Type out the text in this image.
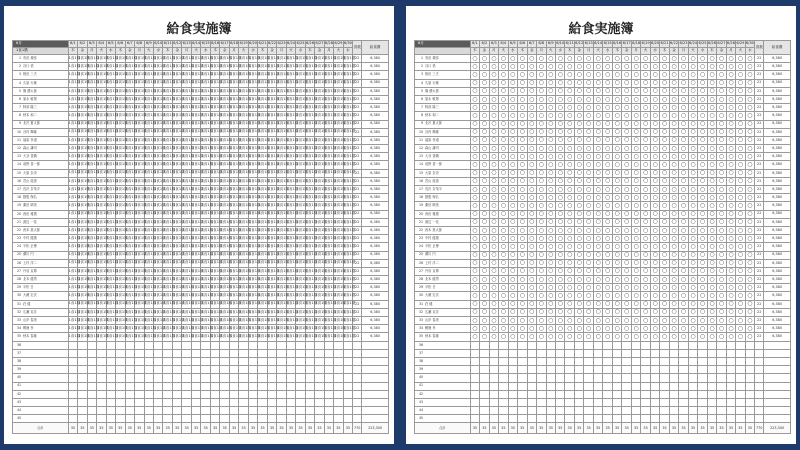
給食実施簿
6月	6/1	6/2	6/3	6/4	6/5	6/6	6/7	6/8	6/9	6/10	6/11	6/12	6/13	6/14	6/15	6/16	6/17	6/18	6/19	6/20	6/21	6/22	6/23	6/24	6/25	6/26	6/27	6/28	6/29	6/30	食数	給食費
1食1膳	木	金	月	火	水	木	金	月	火	水	木	金	月	火	水	木	金	月	火	水	木	金	月	火	水	木	金	月	火	水		
1 有田 義弥	1食1膳	1食1膳	1食1膳	1食1膳	1食1膳	1食1膳	1食1膳	1食1膳	1食1膳	1食1膳	1食1膳	1食1膳	1食1膳	1食1膳	1食1膳	1食1膳	1食1膳	1食1膳	1食1膳	1食1膳	1食1膳	1食1膳	1食1膳	1食1膳	1食1膳	1食1膳	1食1膳	1食1膳	1食1膳	1食1膳	22	6,380
2 谷口 悟	1食1膳	1食1膳	1食1膳	1食1膳	1食1膳	1食1膳	1食1膳	1食1膳	1食1膳	1食1膳	1食1膳	1食1膳	1食1膳	1食1膳	1食1膳	1食1膳	1食1膳	1食1膳	1食1膳	1食1膳	1食1膳	1食1膳	1食1膳	1食1膳	1食1膳	1食1膳	1食1膳	1食1膳	1食1膳	1食1膳	22	6,380
3 相田 三夫	1食1膳	1食1膳	1食1膳	1食1膳	1食1膳	1食1膳	1食1膳	1食1膳	1食1膳	1食1膳	1食1膳	1食1膳	1食1膳	1食1膳	1食1膳	1食1膳	1食1膳	1食1膳	1食1膳	1食1膳	1食1膳	1食1膳	1食1膳	1食1膳	1食1膳	1食1膳	1食1膳	1食1膳	1食1膳	1食1膳	22	6,380
4 久原 行雄	1食1膳	1食1膳	1食1膳	1食1膳	1食1膳	1食1膳	1食1膳	1食1膳	1食1膳	1食1膳	1食1膳	1食1膳	1食1膳	1食1膳	1食1膳	1食1膳	1食1膳	1食1膳	1食1膳	1食1膳	1食1膳	1食1膳	1食1膳	1食1膳	1食1膳	1食1膳	1食1膳	1食1膳	1食1膳	1食1膳	22	6,380
5 篠 優太郎	1食1膳	1食1膳	1食1膳	1食1膳	1食1膳	1食1膳	1食1膳	1食1膳	1食1膳	1食1膳	1食1膳	1食1膳	1食1膳	1食1膳	1食1膳	1食1膳	1食1膳	1食1膳	1食1膳	1食1膳	1食1膳	1食1膳	1食1膳	1食1膳	1食1膳	1食1膳	1食1膳	1食1膳	1食1膳	1食1膳	22	6,380
6 原永 敏則	1食1膳	1食1膳	1食1膳	1食1膳	1食1膳	1食1膳	1食1膳	1食1膳	1食1膳	1食1膳	1食1膳	1食1膳	1食1膳	1食1膳	1食1膳	1食1膳	1食1膳	1食1膳	1食1膳	1食1膳	1食1膳	1食1膳	1食1膳	1食1膳	1食1膳	1食1膳	1食1膳	1食1膳	1食1膳	1食1膳	22	6,380
7 阿部 隆三	1食1膳	1食1膳	1食1膳	1食1膳	1食1膳	1食1膳	1食1膳	1食1膳	1食1膳	1食1膳	1食1膳	1食1膳	1食1膳	1食1膳	1食1膳	1食1膳	1食1膳	1食1膳	1食1膳	1食1膳	1食1膳	1食1膳	1食1膳	1食1膳	1食1膳	1食1膳	1食1膳	1食1膳	1食1膳	1食1膳	22	6,380
8 秋本 和二	1食1膳	1食1膳	1食1膳	1食1膳	1食1膳	1食1膳	1食1膳	1食1膳	1食1膳	1食1膳	1食1膳	1食1膳	1食1膳	1食1膳	1食1膳	1食1膳	1食1膳	1食1膳	1食1膳	1食1膳	1食1膳	1食1膳	1食1膳	1食1膳	1食1膳	1食1膳	1食1膳	1食1膳	1食1膳	1食1膳	22	6,380
9 北沢 夏太郎	1食1膳	1食1膳	1食1膳	1食1膳	1食1膳	1食1膳	1食1膳	1食1膳	1食1膳	1食1膳	1食1膳	1食1膳	1食1膳	1食1膳	1食1膳	1食1膳	1食1膳	1食1膳	1食1膳	1食1膳	1食1膳	1食1膳	1食1膳	1食1膳	1食1膳	1食1膳	1食1膳	1食1膳	1食1膳	1食1膳	22	6,380
10 谷内 輝雄	1食1膳	1食1膳	1食1膳	1食1膳	1食1膳	1食1膳	1食1膳	1食1膳	1食1膳	1食1膳	1食1膳	1食1膳	1食1膳	1食1膳	1食1膳	1食1膳	1食1膳	1食1膳	1食1膳	1食1膳	1食1膳	1食1膳	1食1膳	1食1膳	1食1膳	1食1膳	1食1膳	1食1膳	1食1膳	1食1膳	22	6,380
11 福原 孝道	1食1膳	1食1膳	1食1膳	1食1膳	1食1膳	1食1膳	1食1膳	1食1膳	1食1膳	1食1膳	1食1膳	1食1膳	1食1膳	1食1膳	1食1膳	1食1膳	1食1膳	1食1膳	1食1膳	1食1膳	1食1膳	1食1膳	1食1膳	1食1膳	1食1膳	1食1膳	1食1膳	1食1膳	1食1膳	1食1膳	22	6,380
12 森山 謙司	1食1膳	1食1膳	1食1膳	1食1膳	1食1膳	1食1膳	1食1膳	1食1膳	1食1膳	1食1膳	1食1膳	1食1膳	1食1膳	1食1膳	1食1膳	1食1膳	1食1膳	1食1膳	1食1膳	1食1膳	1食1膳	1食1膳	1食1膳	1食1膳	1食1膳	1食1膳	1食1膳	1食1膳	1食1膳	1食1膳	22	6,380
13 大谷 香織	1食1膳	1食1膳	1食1膳	1食1膳	1食1膳	1食1膳	1食1膳	1食1膳	1食1膳	1食1膳	1食1膳	1食1膳	1食1膳	1食1膳	1食1膳	1食1膳	1食1膳	1食1膳	1食1膳	1食1膳	1食1膳	1食1膳	1食1膳	1食1膳	1食1膳	1食1膳	1食1膳	1食1膳	1食1膳	1食1膳	22	6,380
14 前野 喜一郎	1食1膳	1食1膳	1食1膳	1食1膳	1食1膳	1食1膳	1食1膳	1食1膳	1食1膳	1食1膳	1食1膳	1食1膳	1食1膳	1食1膳	1食1膳	1食1膳	1食1膳	1食1膳	1食1膳	1食1膳	1食1膳	1食1膳	1食1膳	1食1膳	1食1膳	1食1膳	1食1膳	1食1膳	1食1膳	1食1膳	22	6,380
15 大原 奈央	1食1膳	1食1膳	1食1膳	1食1膳	1食1膳	1食1膳	1食1膳	1食1膳	1食1膳	1食1膳	1食1膳	1食1膳	1食1膳	1食1膳	1食1膳	1食1膳	1食1膳	1食1膳	1食1膳	1食1膳	1食1膳	1食1膳	1食1膳	1食1膳	1食1膳	1食1膳	1食1膳	1食1膳	1食1膳	1食1膳	22	6,380
16 宮山 総恵	1食1膳	1食1膳	1食1膳	1食1膳	1食1膳	1食1膳	1食1膳	1食1膳	1食1膳	1食1膳	1食1膳	1食1膳	1食1膳	1食1膳	1食1膳	1食1膳	1食1膳	1食1膳	1食1膳	1食1膳	1食1膳	1食1膳	1食1膳	1食1膳	1食1膳	1食1膳	1食1膳	1食1膳	1食1膳	1食1膳	22	6,380
17 長沢 奈茂平	1食1膳	1食1膳	1食1膳	1食1膳	1食1膳	1食1膳	1食1膳	1食1膳	1食1膳	1食1膳	1食1膳	1食1膳	1食1膳	1食1膳	1食1膳	1食1膳	1食1膳	1食1膳	1食1膳	1食1膳	1食1膳	1食1膳	1食1膳	1食1膳	1食1膳	1食1膳	1食1膳	1食1膳	1食1膳	1食1膳	22	6,380
18 猪股 保弘	1食1膳	1食1膳	1食1膳	1食1膳	1食1膳	1食1膳	1食1膳	1食1膳	1食1膳	1食1膳	1食1膳	1食1膳	1食1膳	1食1膳	1食1膳	1食1膳	1食1膳	1食1膳	1食1膳	1食1膳	1食1膳	1食1膳	1食1膳	1食1膳	1食1膳	1食1膳	1食1膳	1食1膳	1食1膳	1食1膳	22	6,380
19 栗田 晴美	1食1膳	1食1膳	1食1膳	1食1膳	1食1膳	1食1膳	1食1膳	1食1膳	1食1膳	1食1膳	1食1膳	1食1膳	1食1膳	1食1膳	1食1膳	1食1膳	1食1膳	1食1膳	1食1膳	1食1膳	1食1膳	1食1膳	1食1膳	1食1膳	1食1膳	1食1膳	1食1膳	1食1膳	1食1膳	1食1膳	22	6,380
20 西田 雅康	1食1膳	1食1膳	1食1膳	1食1膳	1食1膳	1食1膳	1食1膳	1食1膳	1食1膳	1食1膳	1食1膳	1食1膳	1食1膳	1食1膳	1食1膳	1食1膳	1食1膳	1食1膳	1食1膳	1食1膳	1食1膳	1食1膳	1食1膳	1食1膳	1食1膳	1食1膳	1食1膳	1食1膳	1食1膳	1食1膳	22	6,380
21 渡辺 一花	1食1膳	1食1膳	1食1膳	1食1膳	1食1膳	1食1膳	1食1膳	1食1膳	1食1膳	1食1膳	1食1膳	1食1膳	1食1膳	1食1膳	1食1膳	1食1膳	1食1膳	1食1膳	1食1膳	1食1膳	1食1膳	1食1膳	1食1膳	1食1膳	1食1膳	1食1膳	1食1膳	1食1膳	1食1膳	1食1膳	22	6,380
22 西本 恵太郎	1食1膳	1食1膳	1食1膳	1食1膳	1食1膳	1食1膳	1食1膳	1食1膳	1食1膳	1食1膳	1食1膳	1食1膳	1食1膳	1食1膳	1食1膳	1食1膳	1食1膳	1食1膳	1食1膳	1食1膳	1食1膳	1食1膳	1食1膳	1食1膳	1食1膳	1食1膳	1食1膳	1食1膳	1食1膳	1食1膳	22	6,380
23 中村 健康	1食1膳	1食1膳	1食1膳	1食1膳	1食1膳	1食1膳	1食1膳	1食1膳	1食1膳	1食1膳	1食1膳	1食1膳	1食1膳	1食1膳	1食1膳	1食1膳	1食1膳	1食1膳	1食1膳	1食1膳	1食1膳	1食1膳	1食1膳	1食1膳	1食1膳	1食1膳	1食1膳	1食1膳	1食1膳	1食1膳	22	6,380
24 平松 正博	1食1膳	1食1膳	1食1膳	1食1膳	1食1膳	1食1膳	1食1膳	1食1膳	1食1膳	1食1膳	1食1膳	1食1膳	1食1膳	1食1膳	1食1膳	1食1膳	1食1膳	1食1膳	1食1膳	1食1膳	1食1膳	1食1膳	1食1膳	1食1膳	1食1膳	1食1膳	1食1膳	1食1膳	1食1膳	1食1膳	22	6,380
25 溝川 円	1食1膳	1食1膳	1食1膳	1食1膳	1食1膳	1食1膳	1食1膳	1食1膳	1食1膳	1食1膳	1食1膳	1食1膳	1食1膳	1食1膳	1食1膳	1食1膳	1食1膳	1食1膳	1食1膳	1食1膳	1食1膳	1食1膳	1食1膳	1食1膳	1食1膳	1食1膳	1食1膳	1食1膳	1食1膳	1食1膳	22	6,380
26 上村 洋二	1食1膳	1食1膳	1食1膳	1食1膳	1食1膳	1食1膳	1食1膳	1食1膳	1食1膳	1食1膳	1食1膳	1食1膳	1食1膳	1食1膳	1食1膳	1食1膳	1食1膳	1食1膳	1食1膳	1食1膳	1食1膳	1食1膳	1食1膳	1食1膳	1食1膳	1食1膳	1食1膳	1食1膳	1食1膳	1食1膳	22	6,380
27 丹羽 克尊	1食1膳	1食1膳	1食1膳	1食1膳	1食1膳	1食1膳	1食1膳	1食1膳	1食1膳	1食1膳	1食1膳	1食1膳	1食1膳	1食1膳	1食1膳	1食1膳	1食1膳	1食1膳	1食1膳	1食1膳	1食1膳	1食1膳	1食1膳	1食1膳	1食1膳	1食1膳	1食1膳	1食1膳	1食1膳	1食1膳	22	6,380
28 北本 健男	1食1膳	1食1膳	1食1膳	1食1膳	1食1膳	1食1膳	1食1膳	1食1膳	1食1膳	1食1膳	1食1膳	1食1膳	1食1膳	1食1膳	1食1膳	1食1膳	1食1膳	1食1膳	1食1膳	1食1膳	1食1膳	1食1膳	1食1膳	1食1膳	1食1膳	1食1膳	1食1膳	1食1膳	1食1膳	1食1膳	22	6,380
29 平松 日	1食1膳	1食1膳	1食1膳	1食1膳	1食1膳	1食1膳	1食1膳	1食1膳	1食1膳	1食1膳	1食1膳	1食1膳	1食1膳	1食1膳	1食1膳	1食1膳	1食1膳	1食1膳	1食1膳	1食1膳	1食1膳	1食1膳	1食1膳	1食1膳	1食1膳	1食1膳	1食1膳	1食1膳	1食1膳	1食1膳	22	6,380
30 大蔵 宏次	1食1膳	1食1膳	1食1膳	1食1膳	1食1膳	1食1膳	1食1膳	1食1膳	1食1膳	1食1膳	1食1膳	1食1膳	1食1膳	1食1膳	1食1膳	1食1膳	1食1膳	1食1膳	1食1膳	1食1膳	1食1膳	1食1膳	1食1膳	1食1膳	1食1膳	1食1膳	1食1膳	1食1膳	1食1膳	1食1膳	22	6,380
31 荘 健	1食1膳	1食1膳	1食1膳	1食1膳	1食1膳	1食1膳	1食1膳	1食1膳	1食1膳	1食1膳	1食1膳	1食1膳	1食1膳	1食1膳	1食1膳	1食1膳	1食1膳	1食1膳	1食1膳	1食1膳	1食1膳	1食1膳	1食1膳	1食1膳	1食1膳	1食1膳	1食1膳	1食1膳	1食1膳	1食1膳	22	6,380
32 広瀬 克芳	1食1膳	1食1膳	1食1膳	1食1膳	1食1膳	1食1膳	1食1膳	1食1膳	1食1膳	1食1膳	1食1膳	1食1膳	1食1膳	1食1膳	1食1膳	1食1膳	1食1膳	1食1膳	1食1膳	1食1膳	1食1膳	1食1膳	1食1膳	1食1膳	1食1膳	1食1膳	1食1膳	1食1膳	1食1膳	1食1膳	22	6,380
33 山岸 春美	1食1膳	1食1膳	1食1膳	1食1膳	1食1膳	1食1膳	1食1膳	1食1膳	1食1膳	1食1膳	1食1膳	1食1膳	1食1膳	1食1膳	1食1膳	1食1膳	1食1膳	1食1膳	1食1膳	1食1膳	1食1膳	1食1膳	1食1膳	1食1膳	1食1膳	1食1膳	1食1膳	1食1膳	1食1膳	1食1膳	22	6,380
34 鴨鹿 孝	1食1膳	1食1膳	1食1膳	1食1膳	1食1膳	1食1膳	1食1膳	1食1膳	1食1膳	1食1膳	1食1膳	1食1膳	1食1膳	1食1膳	1食1膳	1食1膳	1食1膳	1食1膳	1食1膳	1食1膳	1食1膳	1食1膳	1食1膳	1食1膳	1食1膳	1食1膳	1食1膳	1食1膳	1食1膳	1食1膳	22	6,380
35 秋本 春雄	1食1膳	1食1膳	1食1膳	1食1膳	1食1膳	1食1膳	1食1膳	1食1膳	1食1膳	1食1膳	1食1膳	1食1膳	1食1膳	1食1膳	1食1膳	1食1膳	1食1膳	1食1膳	1食1膳	1食1膳	1食1膳	1食1膳	1食1膳	1食1膳	1食1膳	1食1膳	1食1膳	1食1膳	1食1膳	1食1膳	22	6,380
36																																
37																																
38																																
39																																
40																																
41																																
42																																
43																																
44																																
45																																
合計	35	35	35	35	35	35	35	35	35	35	35	35	35	35	35	35	35	35	35	35	35	35	35	35	35	35	35	35	35	35	770	223,300
給食実施簿
6月	6/1	6/2	6/3	6/4	6/5	6/6	6/7	6/8	6/9	6/10	6/11	6/12	6/13	6/14	6/15	6/16	6/17	6/18	6/19	6/20	6/21	6/22	6/23	6/24	6/25	6/26	6/27	6/28	6/29	6/30	食数	給食費
	木	金	月	火	水	木	金	月	火	水	木	金	月	火	水	木	金	月	火	水	木	金	月	火	水	木	金	月	火	水		
1 有田 義弥	○	○	○	○	○	○	○	○	○	○	○	○	○	○	○	○	○	○	○	○	○	○	○	○	○	○	○	○	○	○	22	6,380
2 谷口 悟	○	○	○	○	○	○	○	○	○	○	○	○	○	○	○	○	○	○	○	○	○	○	○	○	○	○	○	○	○	○	22	6,380
3 相田 三夫	○	○	○	○	○	○	○	○	○	○	○	○	○	○	○	○	○	○	○	○	○	○	○	○	○	○	○	○	○	○	22	6,380
4 久原 行雄	○	○	○	○	○	○	○	○	○	○	○	○	○	○	○	○	○	○	○	○	○	○	○	○	○	○	○	○	○	○	22	6,380
5 篠 優太郎	○	○	○	○	○	○	○	○	○	○	○	○	○	○	○	○	○	○	○	○	○	○	○	○	○	○	○	○	○	○	22	6,380
6 原永 敏則	○	○	○	○	○	○	○	○	○	○	○	○	○	○	○	○	○	○	○	○	○	○	○	○	○	○	○	○	○	○	22	6,380
7 阿部 隆三	○	○	○	○	○	○	○	○	○	○	○	○	○	○	○	○	○	○	○	○	○	○	○	○	○	○	○	○	○	○	22	6,380
8 秋本 和二	○	○	○	○	○	○	○	○	○	○	○	○	○	○	○	○	○	○	○	○	○	○	○	○	○	○	○	○	○	○	22	6,380
9 北沢 夏太郎	○	○	○	○	○	○	○	○	○	○	○	○	○	○	○	○	○	○	○	○	○	○	○	○	○	○	○	○	○	○	22	6,380
10 谷内 輝雄	○	○	○	○	○	○	○	○	○	○	○	○	○	○	○	○	○	○	○	○	○	○	○	○	○	○	○	○	○	○	22	6,380
11 福原 孝道	○	○	○	○	○	○	○	○	○	○	○	○	○	○	○	○	○	○	○	○	○	○	○	○	○	○	○	○	○	○	22	6,380
12 森山 謙司	○	○	○	○	○	○	○	○	○	○	○	○	○	○	○	○	○	○	○	○	○	○	○	○	○	○	○	○	○	○	22	6,380
13 大谷 香織	○	○	○	○	○	○	○	○	○	○	○	○	○	○	○	○	○	○	○	○	○	○	○	○	○	○	○	○	○	○	22	6,380
14 前野 喜一郎	○	○	○	○	○	○	○	○	○	○	○	○	○	○	○	○	○	○	○	○	○	○	○	○	○	○	○	○	○	○	22	6,380
15 大原 奈央	○	○	○	○	○	○	○	○	○	○	○	○	○	○	○	○	○	○	○	○	○	○	○	○	○	○	○	○	○	○	22	6,380
16 宮山 総恵	○	○	○	○	○	○	○	○	○	○	○	○	○	○	○	○	○	○	○	○	○	○	○	○	○	○	○	○	○	○	22	6,380
17 長沢 奈茂平	○	○	○	○	○	○	○	○	○	○	○	○	○	○	○	○	○	○	○	○	○	○	○	○	○	○	○	○	○	○	22	6,380
18 猪股 保弘	○	○	○	○	○	○	○	○	○	○	○	○	○	○	○	○	○	○	○	○	○	○	○	○	○	○	○	○	○	○	22	6,380
19 栗田 晴美	○	○	○	○	○	○	○	○	○	○	○	○	○	○	○	○	○	○	○	○	○	○	○	○	○	○	○	○	○	○	22	6,380
20 西田 雅康	○	○	○	○	○	○	○	○	○	○	○	○	○	○	○	○	○	○	○	○	○	○	○	○	○	○	○	○	○	○	22	6,380
21 渡辺 一花	○	○	○	○	○	○	○	○	○	○	○	○	○	○	○	○	○	○	○	○	○	○	○	○	○	○	○	○	○	○	22	6,380
22 西本 恵太郎	○	○	○	○	○	○	○	○	○	○	○	○	○	○	○	○	○	○	○	○	○	○	○	○	○	○	○	○	○	○	22	6,380
23 中村 健康	○	○	○	○	○	○	○	○	○	○	○	○	○	○	○	○	○	○	○	○	○	○	○	○	○	○	○	○	○	○	22	6,380
24 平松 正博	○	○	○	○	○	○	○	○	○	○	○	○	○	○	○	○	○	○	○	○	○	○	○	○	○	○	○	○	○	○	22	6,380
25 溝川 円	○	○	○	○	○	○	○	○	○	○	○	○	○	○	○	○	○	○	○	○	○	○	○	○	○	○	○	○	○	○	22	6,380
26 上村 洋二	○	○	○	○	○	○	○	○	○	○	○	○	○	○	○	○	○	○	○	○	○	○	○	○	○	○	○	○	○	○	22	6,380
27 丹羽 克尊	○	○	○	○	○	○	○	○	○	○	○	○	○	○	○	○	○	○	○	○	○	○	○	○	○	○	○	○	○	○	22	6,380
28 北本 健男	○	○	○	○	○	○	○	○	○	○	○	○	○	○	○	○	○	○	○	○	○	○	○	○	○	○	○	○	○	○	22	6,380
29 平松 日	○	○	○	○	○	○	○	○	○	○	○	○	○	○	○	○	○	○	○	○	○	○	○	○	○	○	○	○	○	○	22	6,380
30 大蔵 宏次	○	○	○	○	○	○	○	○	○	○	○	○	○	○	○	○	○	○	○	○	○	○	○	○	○	○	○	○	○	○	22	6,380
31 荘 健	○	○	○	○	○	○	○	○	○	○	○	○	○	○	○	○	○	○	○	○	○	○	○	○	○	○	○	○	○	○	22	6,380
32 広瀬 克芳	○	○	○	○	○	○	○	○	○	○	○	○	○	○	○	○	○	○	○	○	○	○	○	○	○	○	○	○	○	○	22	6,380
33 山岸 春美	○	○	○	○	○	○	○	○	○	○	○	○	○	○	○	○	○	○	○	○	○	○	○	○	○	○	○	○	○	○	22	6,380
34 鴨鹿 孝	○	○	○	○	○	○	○	○	○	○	○	○	○	○	○	○	○	○	○	○	○	○	○	○	○	○	○	○	○	○	22	6,380
35 秋本 春雄	○	○	○	○	○	○	○	○	○	○	○	○	○	○	○	○	○	○	○	○	○	○	○	○	○	○	○	○	○	○	22	6,380
36																																
37																																
38																																
39																																
40																																
41																																
42																																
43																																
44																																
45																																
合計	35	35	35	35	35	35	35	35	35	35	35	35	35	35	35	35	35	35	35	35	35	35	35	35	35	35	35	35	35	35	770	223,300
